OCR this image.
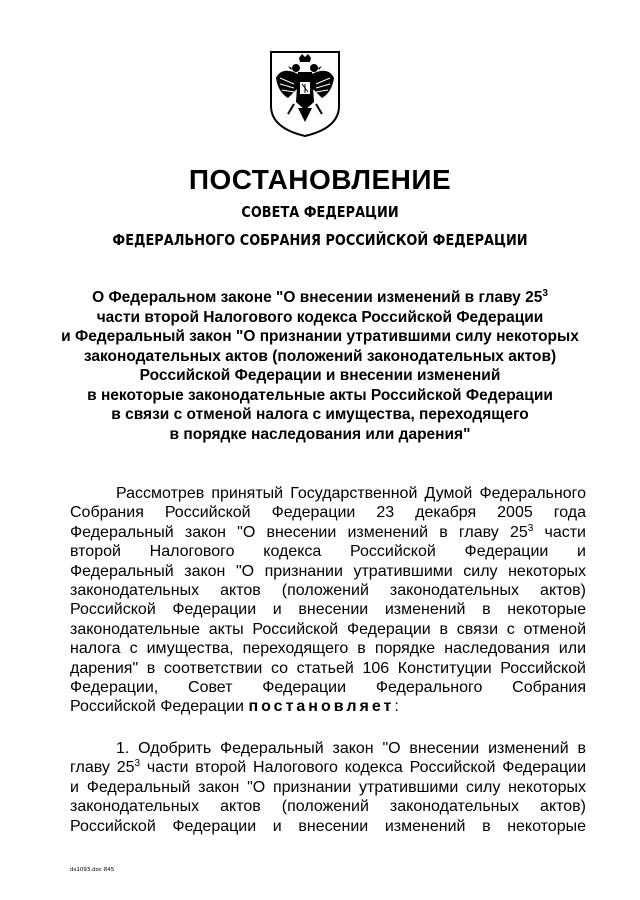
ПОСТАНОВЛЕНИЕ

СОВЕТА ФЕДЕРАЦИИ

ФЕДЕРАЛЬНОГО СОБРАНИЯ РОССИЙСКОЙ ФЕДЕРАЦИИ

О Федеральном законе "О внесении изменений в главу $25^3$
части второй Налогового кодекса Российской Федерации
и Федеральный закон "О признании утратившими силу некоторых
законодательных актов (положений законодательных актов)
Российской Федерации и внесении изменений
в некоторые законодательные акты Российской Федерации
в связи с отменой налога с имущества, переходящего
в порядке наследования или дарения"
Рассмотрев принятый Государственной Думой Федерального
Собрания Российской Федерации 23 декабря 2005 года
Федеральный закон "О внесении изменений в главу $25^3$ части
второй Налогового кодекса Российской Федерации и
Федеральный закон "О признании утратившими силу некоторых
законодательных актов (положений законодательных актов)
Российской Федерации и внесении изменений в некоторые
законодательные акты Российской Федерации в связи с отменой
налога с имущества, переходящего в порядке наследования или
дарения" в соответствии со статьей 106 Конституции Российской
Федерации, Совет Федерации Федерального Собрания
Российской Федерации постановляет:
1. Одобрить Федеральный закон "О внесении изменений в
главу $25^3$ части второй Налогового кодекса Российской Федерации
и Федеральный закон "О признании утратившими силу некоторых
законодательных актов (положений законодательных актов)
Российской Федерации и внесении изменений в некоторые
ds1093.doc 845
